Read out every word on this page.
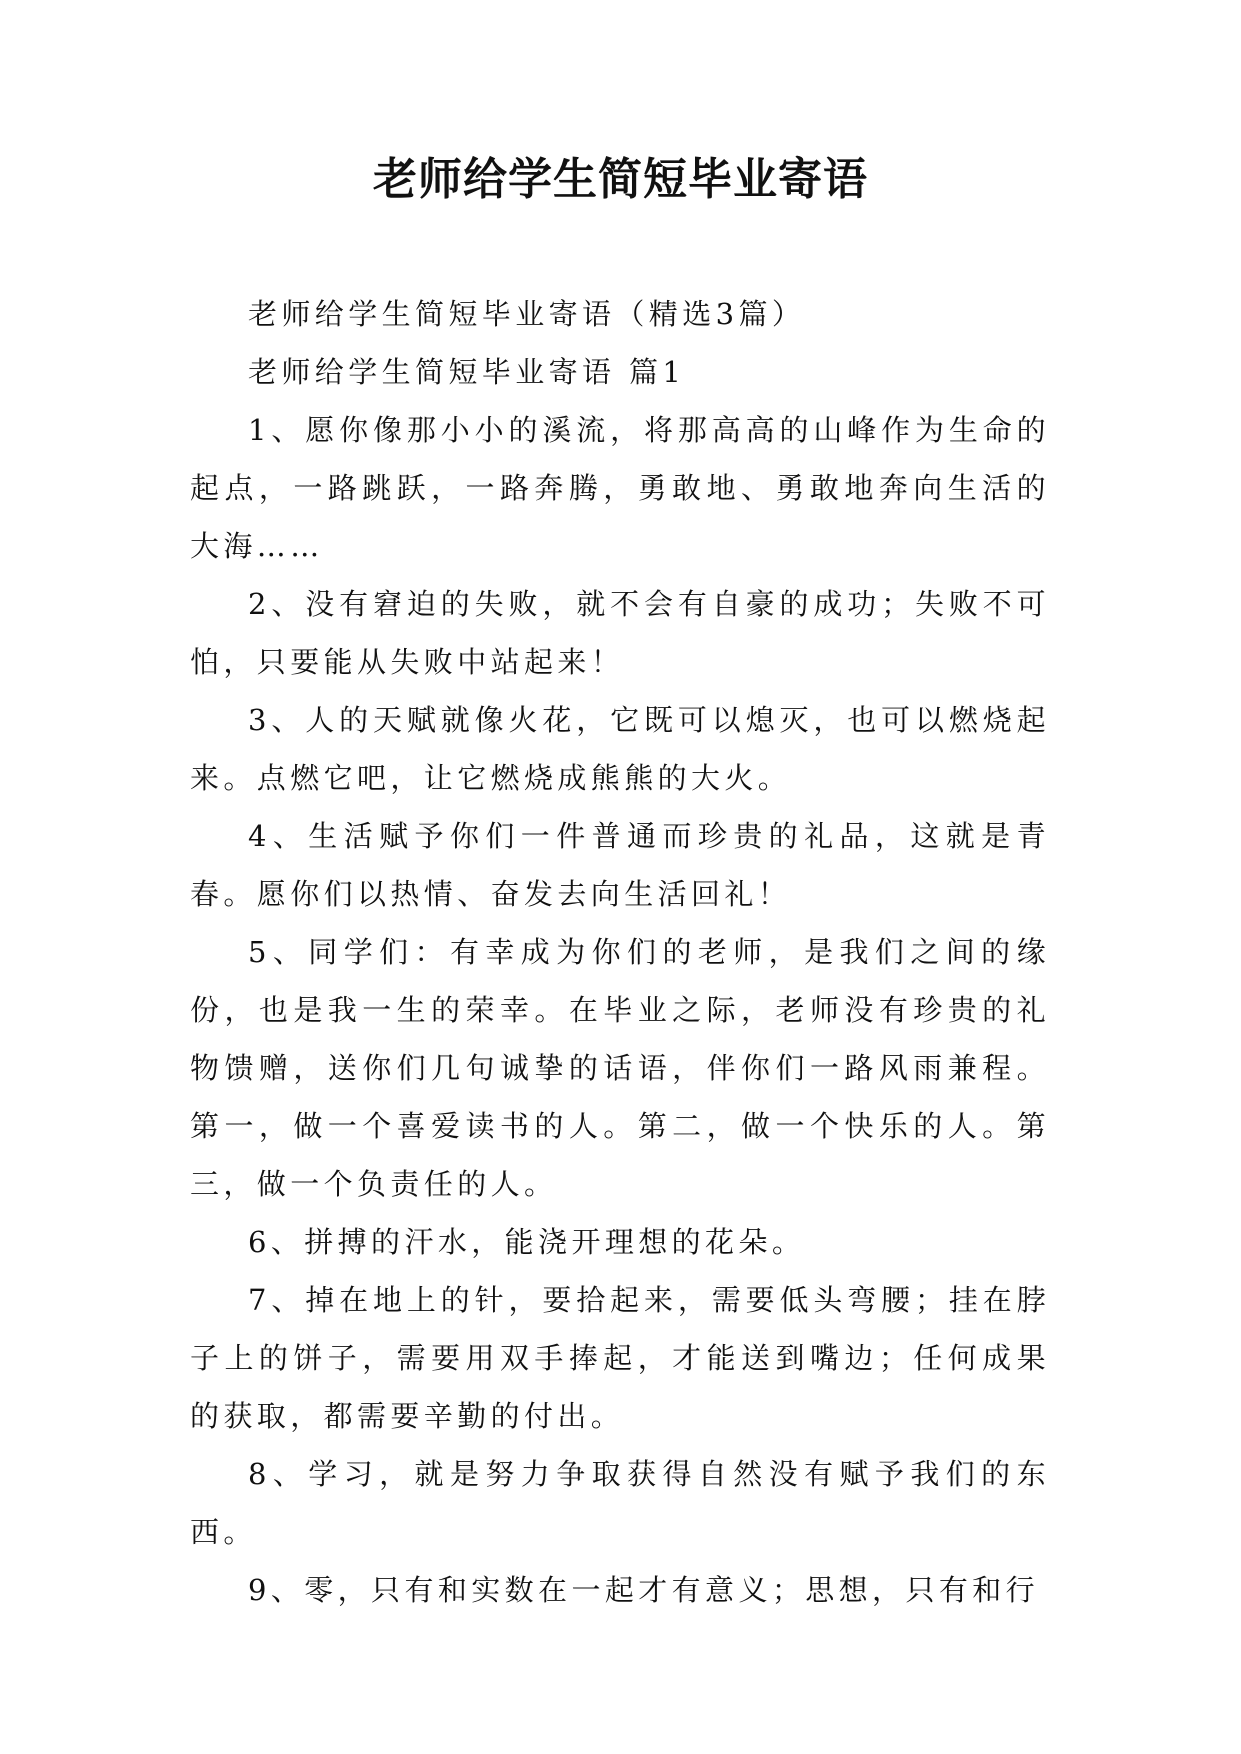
老师给学生简短毕业寄语

老师给学生简短毕业寄语（精选3篇）

老师给学生简短毕业寄语 篇1

1、愿你像那小小的溪流，将那高高的山峰作为生命的起点，一路跳跃，一路奔腾，勇敢地、勇敢地奔向生活的大海……

2、没有窘迫的失败，就不会有自豪的成功；失败不可怕，只要能从失败中站起来！

3、人的天赋就像火花，它既可以熄灭，也可以燃烧起来。点燃它吧，让它燃烧成熊熊的大火。

4、生活赋予你们一件普通而珍贵的礼品，这就是青春。愿你们以热情、奋发去向生活回礼！

5、同学们：有幸成为你们的老师，是我们之间的缘份，也是我一生的荣幸。在毕业之际，老师没有珍贵的礼物馈赠，送你们几句诚挚的话语，伴你们一路风雨兼程。第一，做一个喜爱读书的人。第二，做一个快乐的人。第三，做一个负责任的人。

6、拼搏的汗水，能浇开理想的花朵。

7、掉在地上的针，要拾起来，需要低头弯腰；挂在脖子上的饼子，需要用双手捧起，才能送到嘴边；任何成果的获取，都需要辛勤的付出。

8、学习，就是努力争取获得自然没有赋予我们的东西。

9、零，只有和实数在一起才有意义；思想，只有和行
